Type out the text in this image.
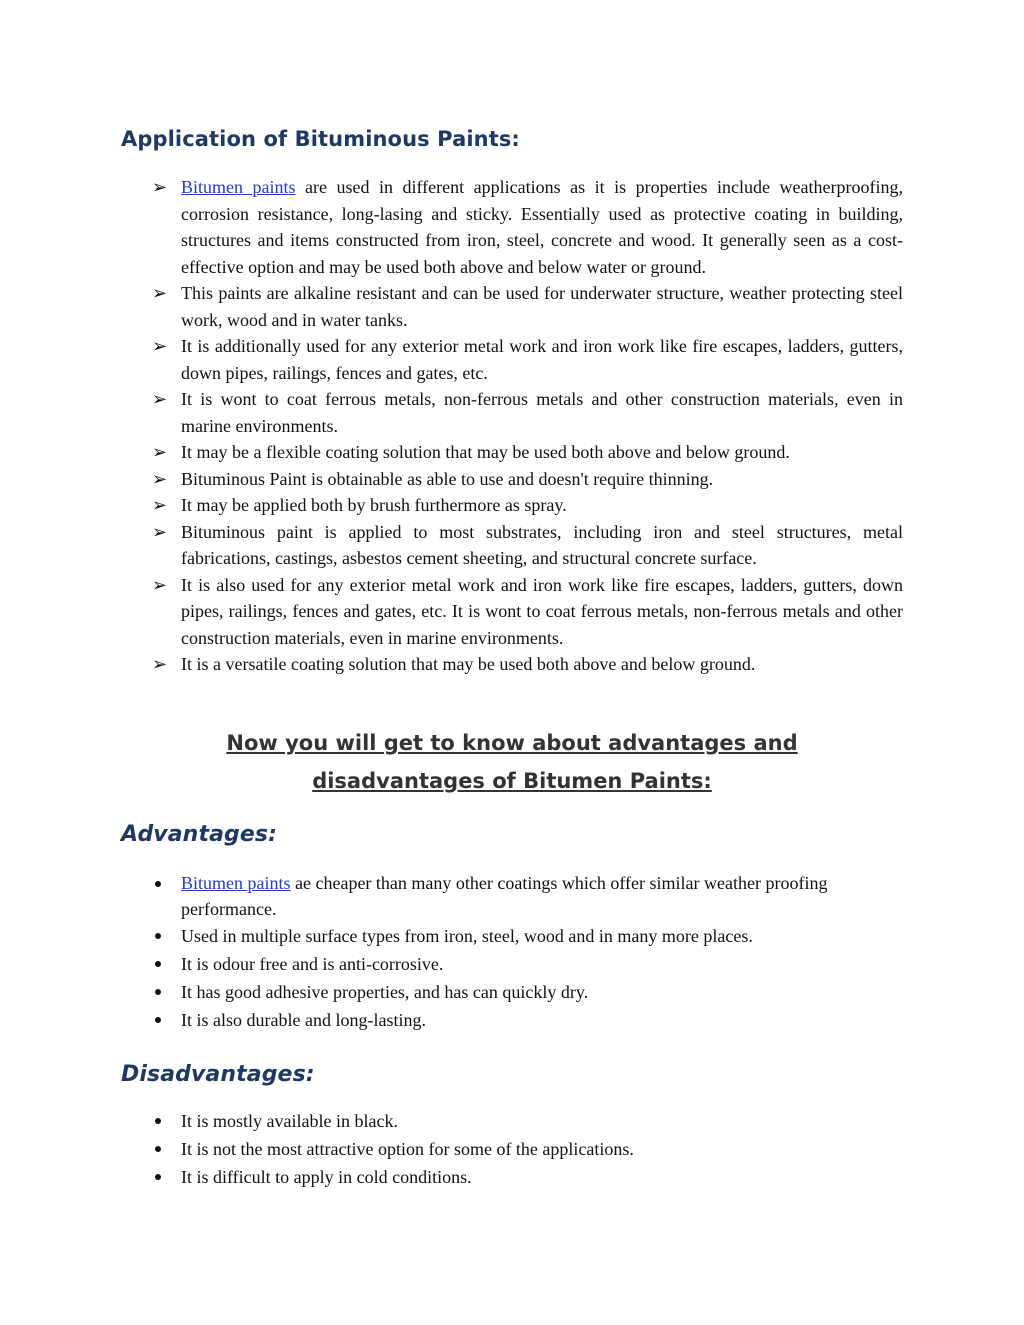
Application of Bituminous Paints:
➢ Bitumen paints are used in different applications as it is properties include weatherproofing, corrosion resistance, long-lasing and sticky. Essentially used as protective coating in building, structures and items constructed from iron, steel, concrete and wood. It generally seen as a cost-effective option and may be used both above and below water or ground.
➢ This paints are alkaline resistant and can be used for underwater structure, weather protecting steel work, wood and in water tanks.
➢ It is additionally used for any exterior metal work and iron work like fire escapes, ladders, gutters, down pipes, railings, fences and gates, etc.
➢ It is wont to coat ferrous metals, non-ferrous metals and other construction materials, even in marine environments.
➢ It may be a flexible coating solution that may be used both above and below ground.
➢ Bituminous Paint is obtainable as able to use and doesn't require thinning.
➢ It may be applied both by brush furthermore as spray.
➢ Bituminous paint is applied to most substrates, including iron and steel structures, metal fabrications, castings, asbestos cement sheeting, and structural concrete surface.
➢ It is also used for any exterior metal work and iron work like fire escapes, ladders, gutters, down pipes, railings, fences and gates, etc. It is wont to coat ferrous metals, non-ferrous metals and other construction materials, even in marine environments.
➢ It is a versatile coating solution that may be used both above and below ground.
Now you will get to know about advantages and
disadvantages of Bitumen Paints:
Advantages:
Bitumen paints ae cheaper than many other coatings which offer similar weather proofing performance.
Used in multiple surface types from iron, steel, wood and in many more places.
It is odour free and is anti-corrosive.
It has good adhesive properties, and has can quickly dry.
It is also durable and long-lasting.
Disadvantages:
It is mostly available in black.
It is not the most attractive option for some of the applications.
It is difficult to apply in cold conditions.
